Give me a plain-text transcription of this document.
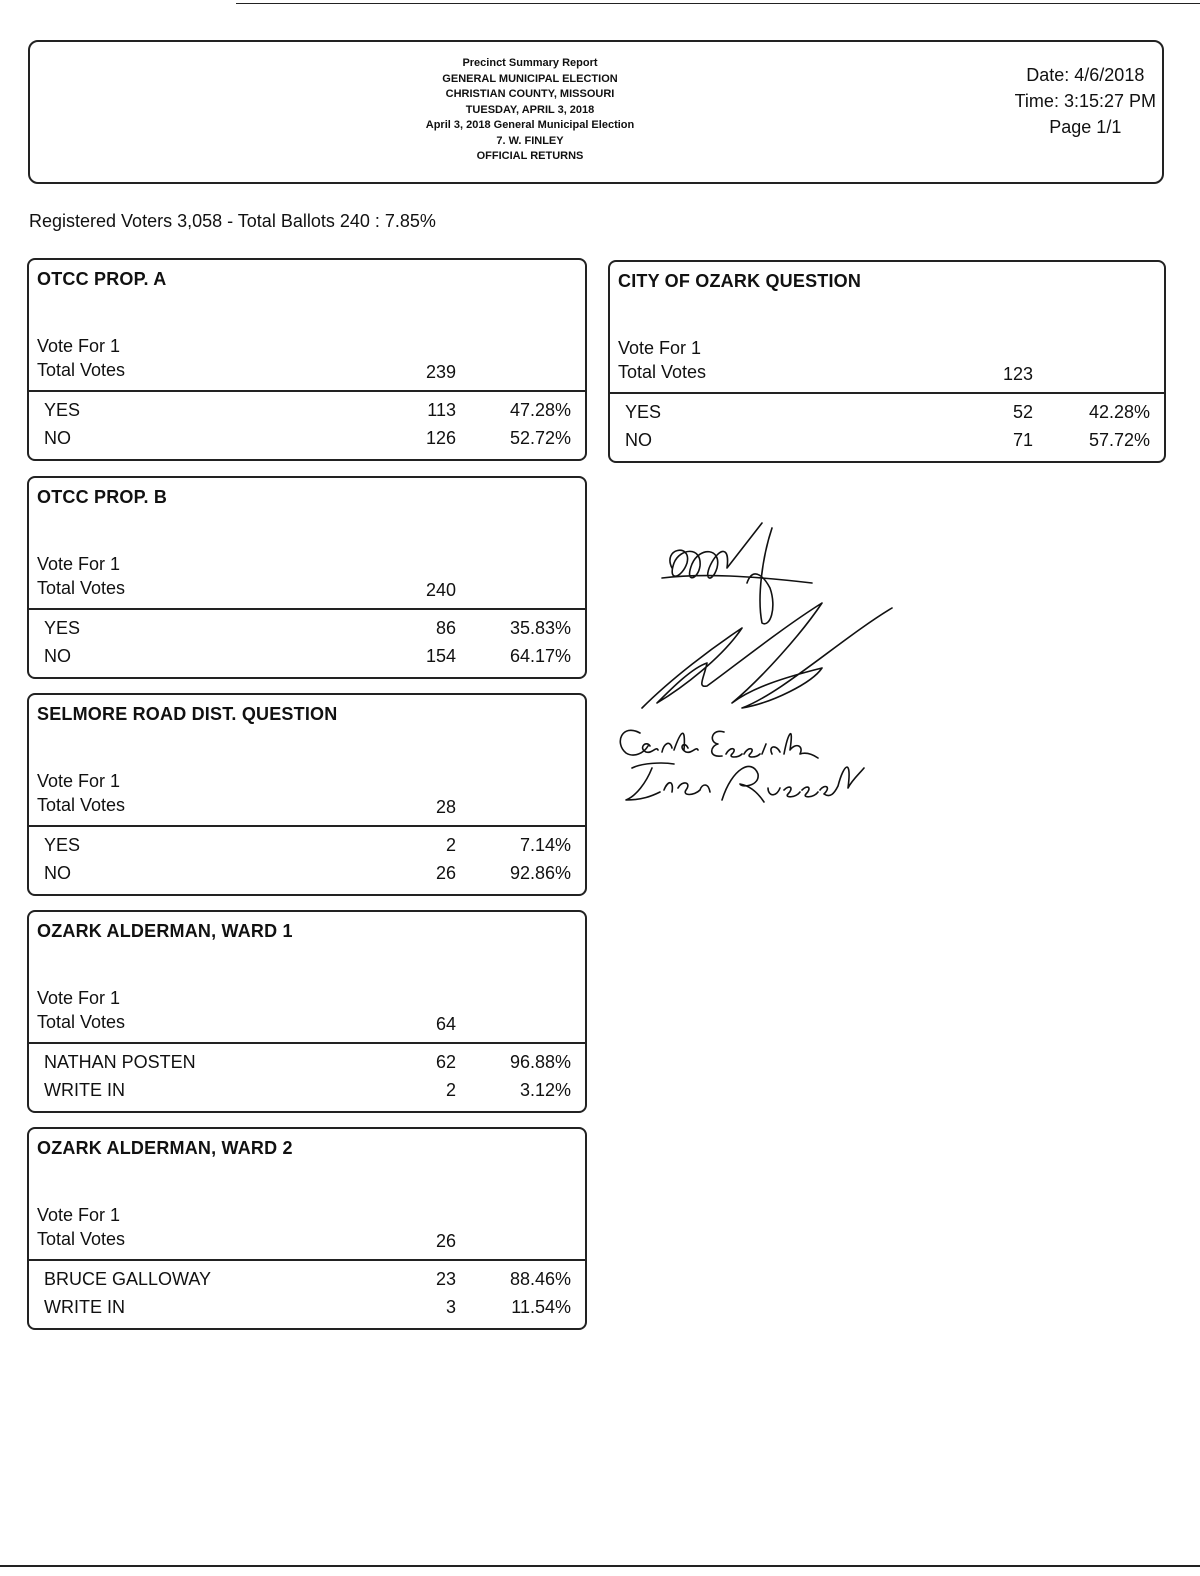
Precinct Summary Report
GENERAL MUNICIPAL ELECTION
CHRISTIAN COUNTY, MISSOURI
TUESDAY, APRIL 3, 2018
April 3, 2018 General Municipal Election
7. W. FINLEY
OFFICIAL RETURNS
Date: 4/6/2018
Time: 3:15:27 PM
Page 1/1
Registered Voters 3,058 - Total Ballots 240 : 7.85%
OTCC PROP. A
Vote For 1
Total Votes	239
YES	113	47.28%
NO	126	52.72%
CITY OF OZARK QUESTION
Vote For 1
Total Votes	123
YES	52	42.28%
NO	71	57.72%
OTCC PROP. B
Vote For 1
Total Votes	240
YES	86	35.83%
NO	154	64.17%
SELMORE ROAD DIST. QUESTION
Vote For 1
Total Votes	28
YES	2	7.14%
NO	26	92.86%
OZARK ALDERMAN, WARD 1
Vote For 1
Total Votes	64
NATHAN POSTEN	62	96.88%
WRITE IN	2	3.12%
OZARK ALDERMAN, WARD 2
Vote For 1
Total Votes	26
BRUCE GALLOWAY	23	88.46%
WRITE IN	3	11.54%
